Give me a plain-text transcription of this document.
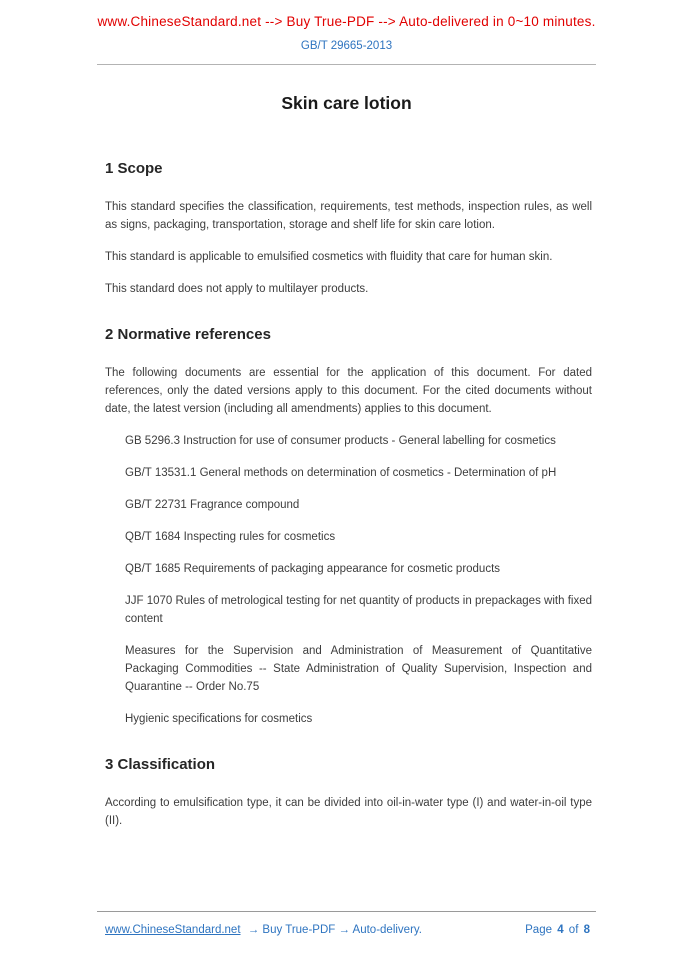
www.ChineseStandard.net --> Buy True-PDF --> Auto-delivered in 0~10 minutes.
GB/T 29665-2013
Skin care lotion
1 Scope

This standard specifies the classification, requirements, test methods, inspection rules, as well as signs, packaging, transportation, storage and shelf life for skin care lotion.

This standard is applicable to emulsified cosmetics with fluidity that care for human skin.

This standard does not apply to multilayer products.

2 Normative references

The following documents are essential for the application of this document. For dated references, only the dated versions apply to this document. For the cited documents without date, the latest version (including all amendments) applies to this document.

GB 5296.3 Instruction for use of consumer products - General labelling for cosmetics
GB/T 13531.1 General methods on determination of cosmetics - Determination of pH
GB/T 22731 Fragrance compound
QB/T 1684 Inspecting rules for cosmetics
QB/T 1685 Requirements of packaging appearance for cosmetic products
JJF 1070 Rules of metrological testing for net quantity of products in prepackages with fixed content
Measures for the Supervision and Administration of Measurement of Quantitative Packaging Commodities -- State Administration of Quality Supervision, Inspection and Quarantine -- Order No.75
Hygienic specifications for cosmetics
3 Classification

According to emulsification type, it can be divided into oil-in-water type (I) and water-in-oil type (II).

www.ChineseStandard.net → Buy True-PDF → Auto-delivery.	Page 4 of 8
